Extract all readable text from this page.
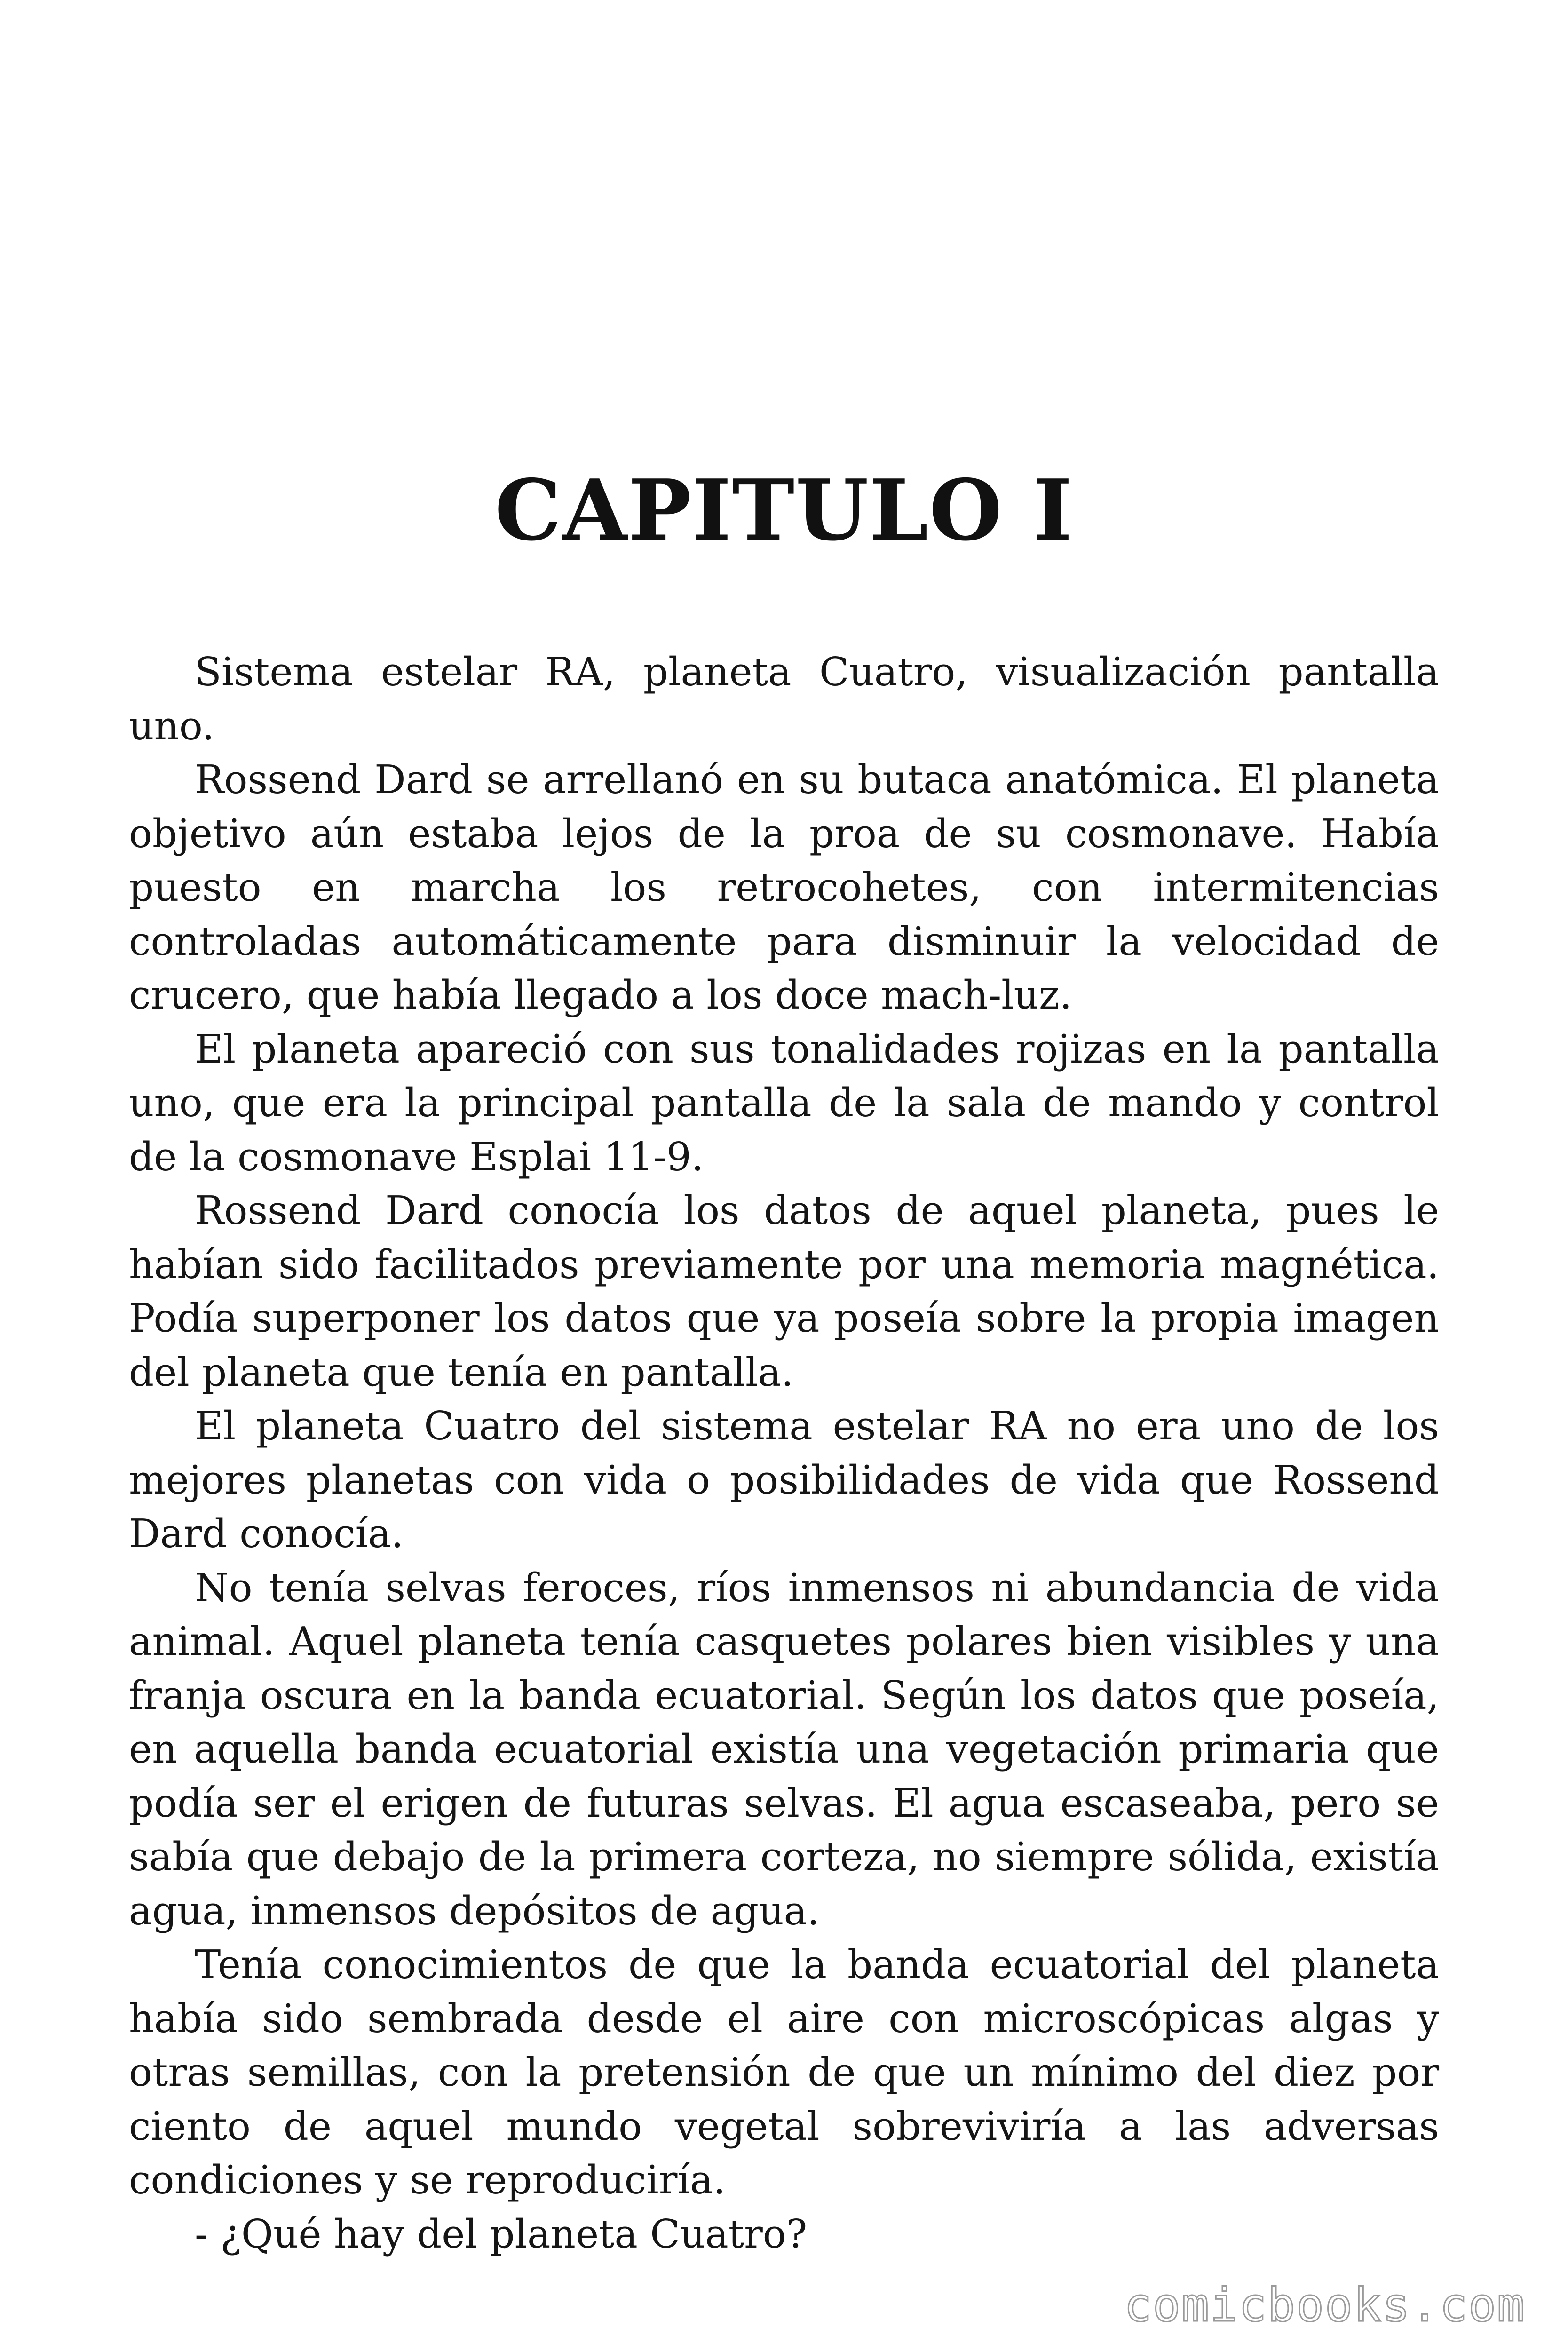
CAPITULO I

Sistema estelar RA, planeta Cuatro, visualización pantalla uno.

Rossend Dard se arrellanó en su butaca anatómica. El planeta objetivo aún estaba lejos de la proa de su cosmonave. Había puesto en marcha los retrocohetes, con intermitencias controladas automáticamente para disminuir la velocidad de crucero, que había llegado a los doce mach-luz.

El planeta apareció con sus tonalidades rojizas en la pantalla uno, que era la principal pantalla de la sala de mando y control de la cosmonave Esplai 11-9.

Rossend Dard conocía los datos de aquel planeta, pues le habían sido facilitados previamente por una memoria magnética. Podía superponer los datos que ya poseía sobre la propia imagen del planeta que tenía en pantalla.

El planeta Cuatro del sistema estelar RA no era uno de los mejores planetas con vida o posibilidades de vida que Rossend Dard conocía.

No tenía selvas feroces, ríos inmensos ni abundancia de vida animal. Aquel planeta tenía casquetes polares bien visibles y una franja oscura en la banda ecuatorial. Según los datos que poseía, en aquella banda ecuatorial existía una vegetación primaria que podía ser el erigen de futuras selvas. El agua escaseaba, pero se sabía que debajo de la primera corteza, no siempre sólida, existía agua, inmensos depósitos de agua.

Tenía conocimientos de que la banda ecuatorial del planeta había sido sembrada desde el aire con microscópicas algas y otras semillas, con la pretensión de que un mínimo del diez por ciento de aquel mundo vegetal sobreviviría a las adversas condiciones y se reproduciría.

- ¿Qué hay del planeta Cuatro?

comicbooks.com
